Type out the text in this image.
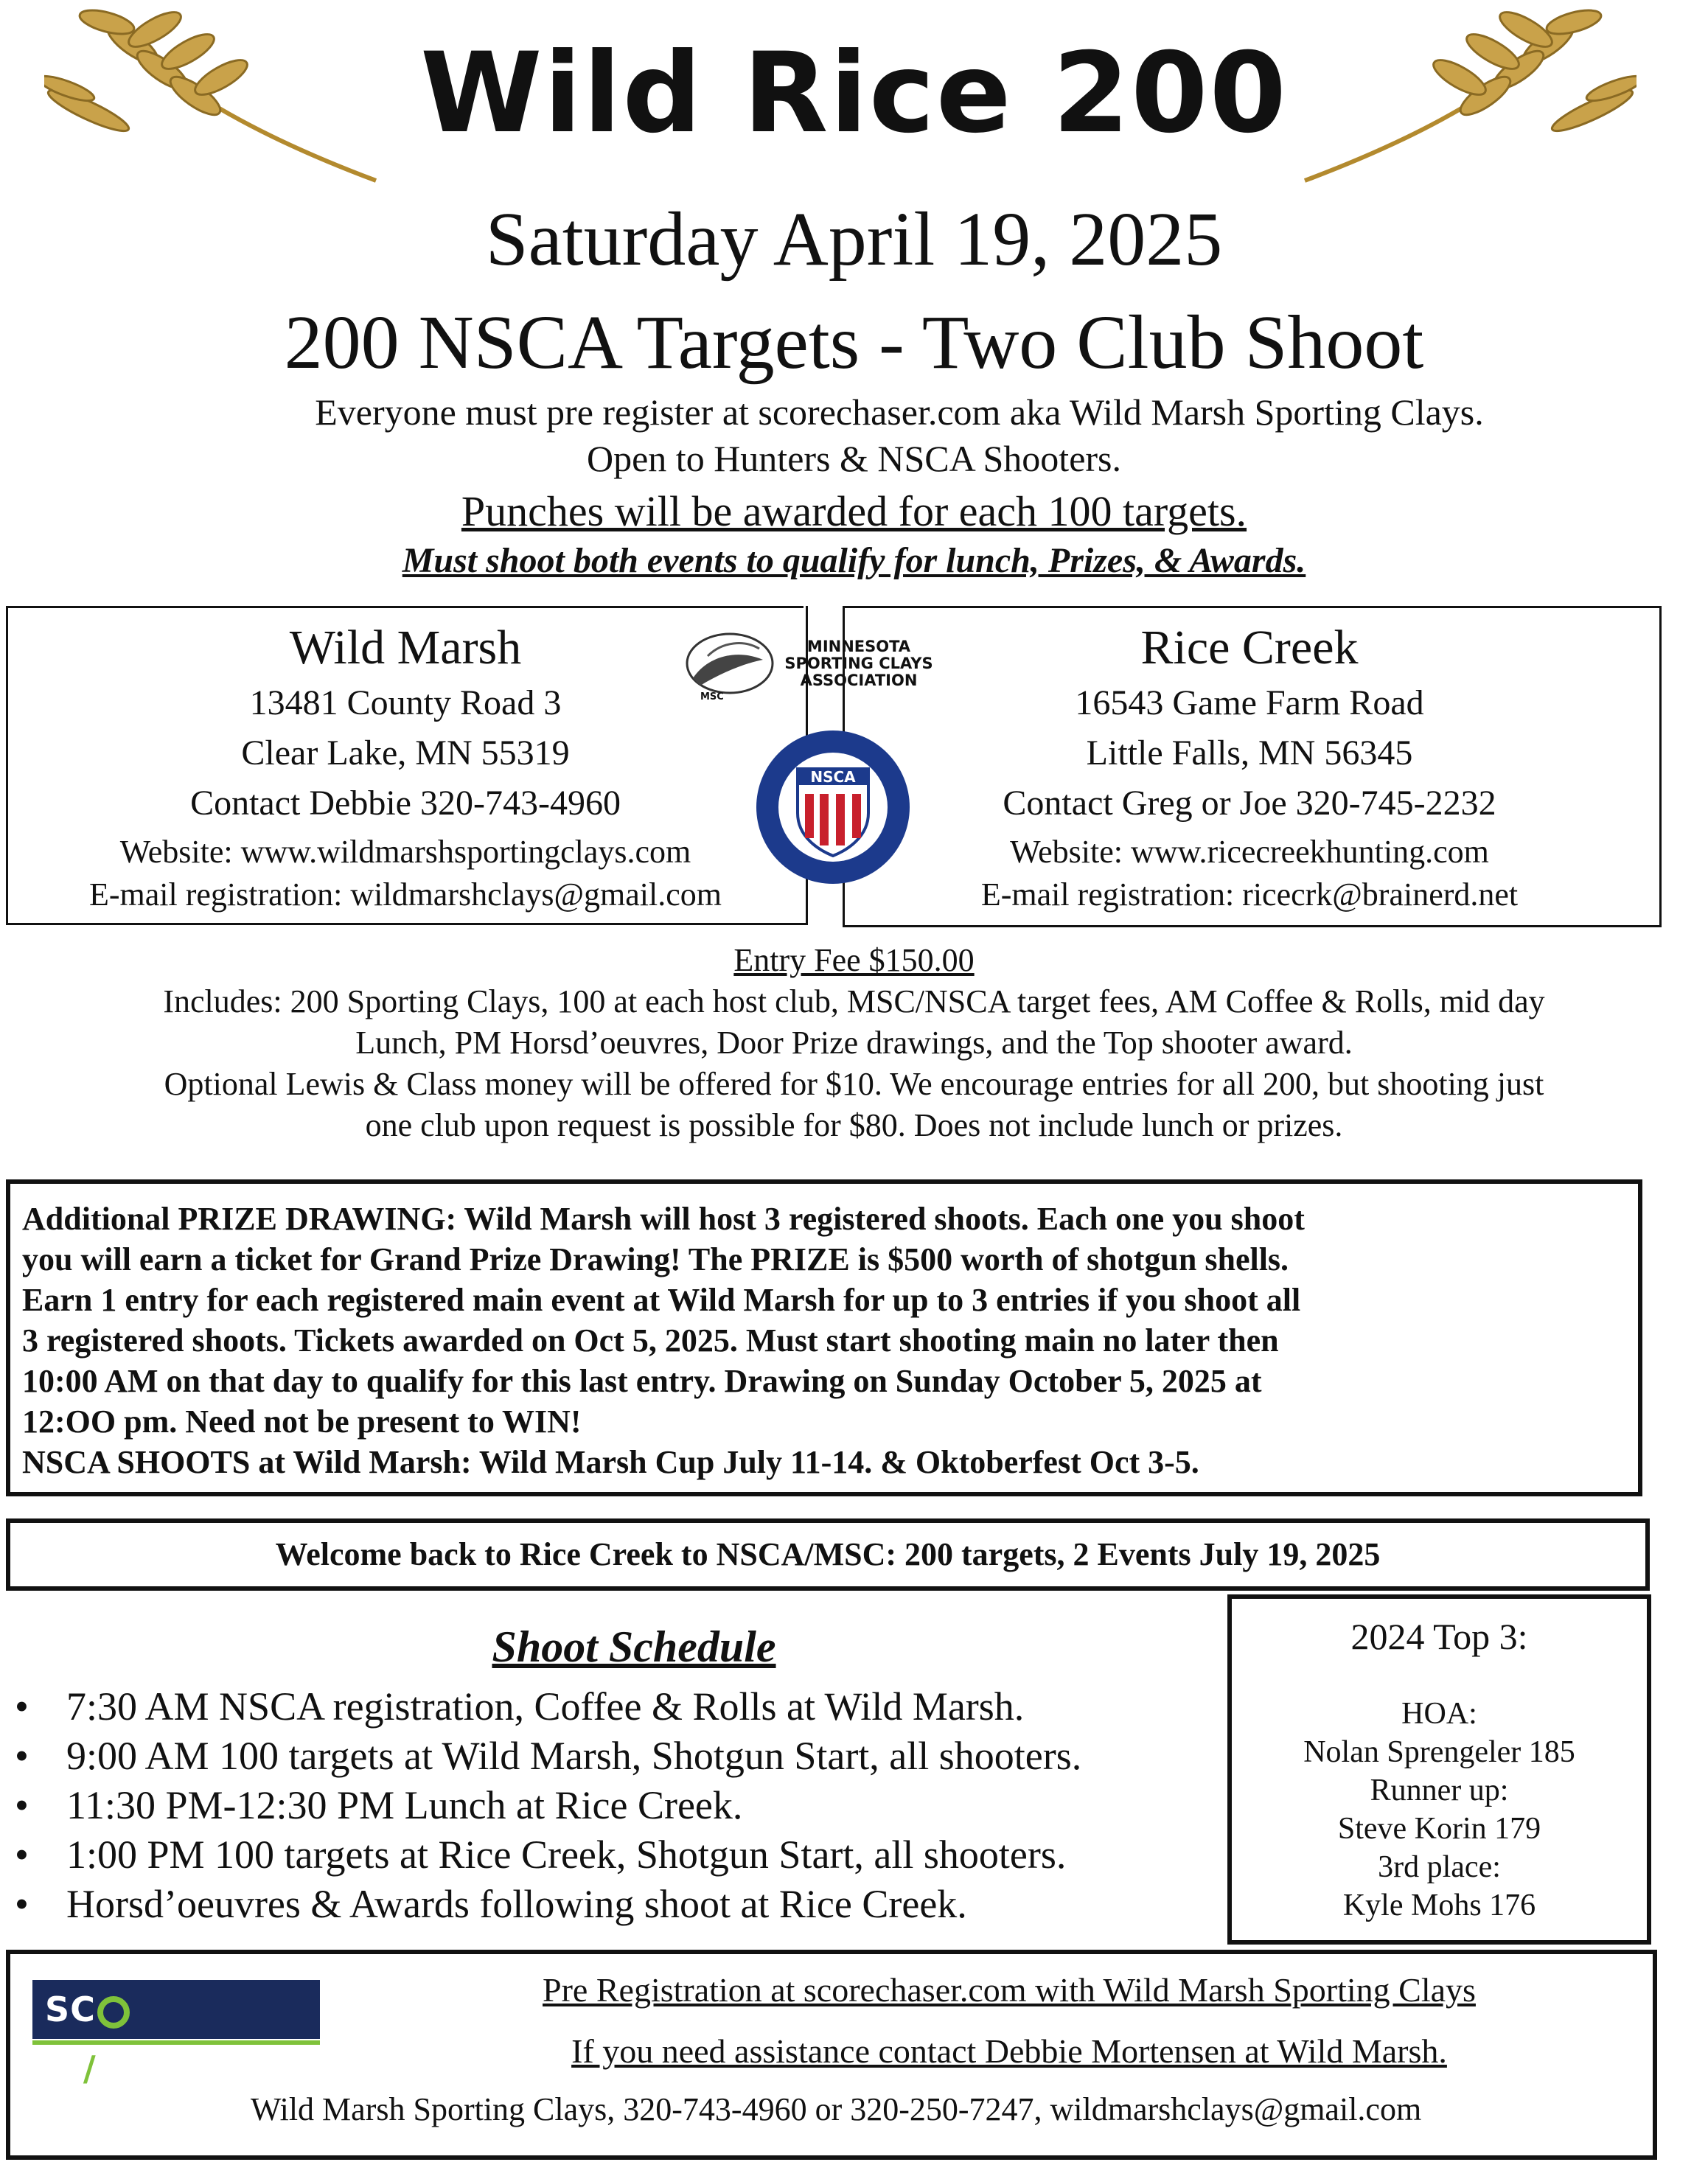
Wild Rice 200
Saturday April 19, 2025
200 NSCA Targets - Two Club Shoot
Everyone must pre register at scorechaser.com aka Wild Marsh Sporting Clays.
Open to Hunters & NSCA Shooters.
Punches will be awarded for each 100 targets.
Must shoot both events to qualify for lunch, Prizes, & Awards.
Wild Marsh
13481 County Road 3
Clear Lake, MN 55319
Contact Debbie 320-743-4960
Website: www.wildmarshsportingclays.com
E-mail registration: wildmarshclays@gmail.com
Rice Creek
16543 Game Farm Road
Little Falls, MN 56345
Contact Greg or Joe 320-745-2232
Website: www.ricecreekhunting.com
E-mail registration: ricecrk@brainerd.net
MSC
MINNESOTA
SPORTING CLAYS
ASSOCIATION
NSCA
Entry Fee $150.00
Includes: 200 Sporting Clays, 100 at each host club, MSC/NSCA target fees, AM Coffee & Rolls, mid day
Lunch, PM Horsd’oeuvres, Door Prize drawings, and the Top shooter award.
Optional Lewis & Class money will be offered for $10. We encourage entries for all 200, but shooting just
one club upon request is possible for $80. Does not include lunch or prizes.
Additional PRIZE DRAWING: Wild Marsh will host 3 registered shoots. Each one you shoot
you will earn a ticket for Grand Prize Drawing! The PRIZE is $500 worth of shotgun shells.
Earn 1 entry for each registered main event at Wild Marsh for up to 3 entries if you shoot all
3 registered shoots. Tickets awarded on Oct 5, 2025. Must start shooting main no later then
10:00 AM on that day to qualify for this last entry. Drawing on Sunday October 5, 2025 at
12:OO pm. Need not be present to WIN!
NSCA SHOOTS at Wild Marsh: Wild Marsh Cup July 11-14. & Oktoberfest Oct 3-5.
Welcome back to Rice Creek to NSCA/MSC: 200 targets, 2 Events July 19, 2025
Shoot Schedule
• 7:30 AM NSCA registration, Coffee & Rolls at Wild Marsh.
• 9:00 AM 100 targets at Wild Marsh, Shotgun Start, all shooters.
• 11:30 PM-12:30 PM Lunch at Rice Creek.
• 1:00 PM 100 targets at Rice Creek, Shotgun Start, all shooters.
• Horsd’oeuvres & Awards following shoot at Rice Creek.
2024 Top 3:
HOA:
Nolan Sprengeler 185
Runner up:
Steve Korin 179
3rd place:
Kyle Mohs 176
SCRE/CHASER
Pre Registration at scorechaser.com with Wild Marsh Sporting Clays
If you need assistance contact Debbie Mortensen at Wild Marsh.
Wild Marsh Sporting Clays, 320-743-4960 or 320-250-7247, wildmarshclays@gmail.com
